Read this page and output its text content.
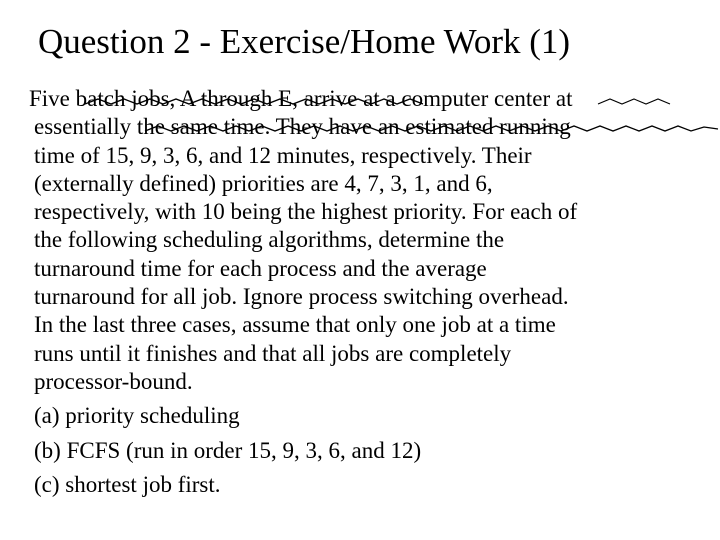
Question 2 - Exercise/Home Work (1)
Five batch jobs, A through E, arrive at a computer center at
essentially the same time. They have an estimated running
time of 15, 9, 3, 6, and 12 minutes, respectively. Their
(externally defined) priorities are 4, 7, 3, 1, and 6,
respectively, with 10 being the highest priority. For each of
the following scheduling algorithms, determine the
turnaround time for each process and the average
turnaround for all job. Ignore process switching overhead.
In the last three cases, assume that only one job at a time
runs until it finishes and that all jobs are completely
processor-bound.
(a) priority scheduling
(b) FCFS (run in order 15, 9, 3, 6, and 12)
(c) shortest job first.
